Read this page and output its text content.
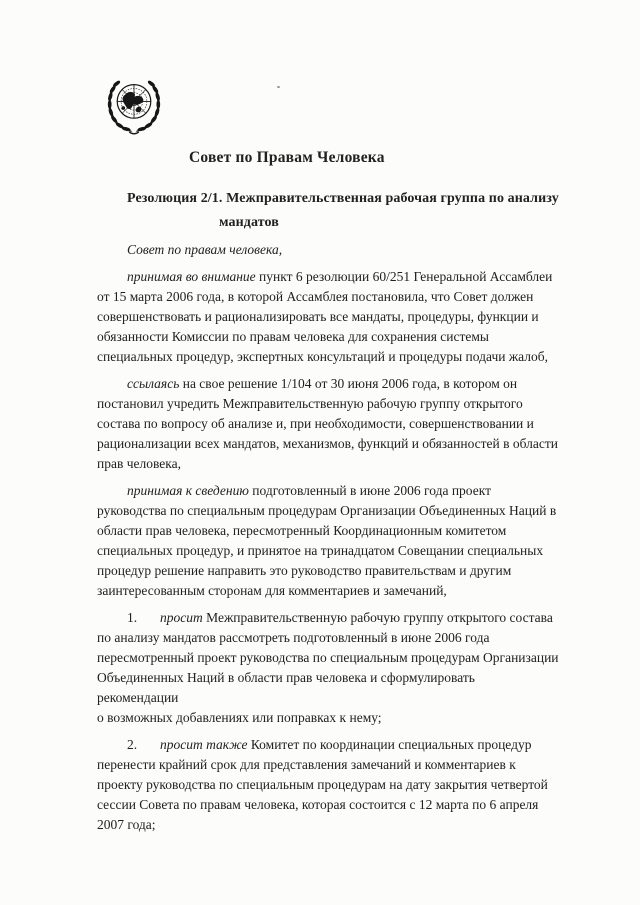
Совет по Правам Человека
Резолюция 2/1. Межправительственная рабочая группа по анализу
мандатов
Совет по правам человека,
принимая во внимание пункт 6 резолюции 60/251 Генеральной Ассамблеи
от 15 марта 2006 года, в которой Ассамблея постановила, что Совет должен
совершенствовать и рационализировать все мандаты, процедуры, функции и
обязанности Комиссии по правам человека для сохранения системы
специальных процедур, экспертных консультаций и процедуры подачи жалоб,
ссылаясь на свое решение 1/104 от 30 июня 2006 года, в котором он
постановил учредить Межправительственную рабочую группу открытого
состава по вопросу об анализе и, при необходимости, совершенствовании и
рационализации всех мандатов, механизмов, функций и обязанностей в области
прав человека,
принимая к сведению подготовленный в июне 2006 года проект
руководства по специальным процедурам Организации Объединенных Наций в
области прав человека, пересмотренный Координационным комитетом
специальных процедур, и принятое на тринадцатом Совещании специальных
процедур решение направить это руководство правительствам и другим
заинтересованным сторонам для комментариев и замечаний,
1. просит Межправительственную рабочую группу открытого состава
по анализу мандатов рассмотреть подготовленный в июне 2006 года
пересмотренный проект руководства по специальным процедурам Организации
Объединенных Наций в области прав человека и сформулировать рекомендации
о возможных добавлениях или поправках к нему;
2. просит также Комитет по координации специальных процедур
перенести крайний срок для представления замечаний и комментариев к
проекту руководства по специальным процедурам на дату закрытия четвертой
сессии Совета по правам человека, которая состоится с 12 марта по 6 апреля
2007 года;
